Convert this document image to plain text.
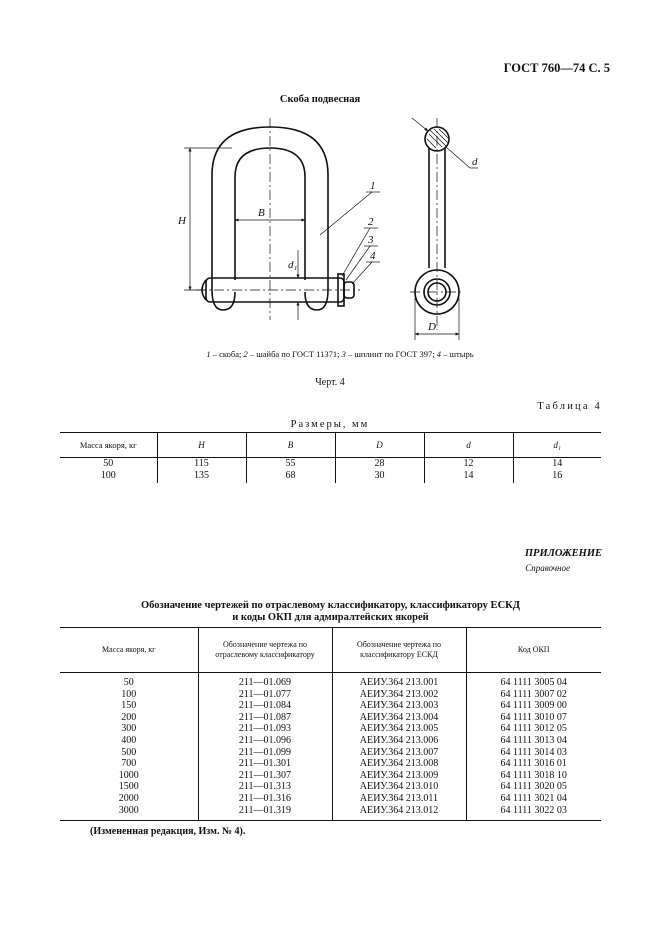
ГОСТ 760—74 С. 5
Скоба подвесная
H
B
d₁
d
D
1
2
3
4
1 – скоба; 2 – шайба по ГОСТ 11371; 3 – шплинт по ГОСТ 397; 4 – штырь
Черт. 4
Таблица 4
Размеры, мм
Масса якоря, кг	H	B	D	d	d₁
50	115	55	28	12	14
100	135	68	30	14	16
ПРИЛОЖЕНИЕ
Справочное
Обозначение чертежей по отраслевому классификатору, классификатору ЕСКД
и коды ОКП для адмиралтейских якорей
Масса якоря, кг	Обозначение чертежа по отраслевому классификатору	Обозначение чертежа по классификатору ЕСКД	Код ОКП
50	211—01.069	АЕИУ.364 213.001	64 1111 3005 04
100	211—01.077	АЕИУ.364 213.002	64 1111 3007 02
150	211—01.084	АЕИУ.364 213.003	64 1111 3009 00
200	211—01.087	АЕИУ.364 213.004	64 1111 3010 07
300	211—01.093	АЕИУ.364 213.005	64 1111 3012 05
400	211—01.096	АЕИУ.364 213.006	64 1111 3013 04
500	211—01.099	АЕИУ.364 213.007	64 1111 3014 03
700	211—01.301	АЕИУ.364 213.008	64 1111 3016 01
1000	211—01.307	АЕИУ.364 213.009	64 1111 3018 10
1500	211—01.313	АЕИУ.364 213.010	64 1111 3020 05
2000	211—01.316	АЕИУ.364 213.011	64 1111 3021 04
3000	211—01.319	АЕИУ.364 213.012	64 1111 3022 03
(Измененная редакция, Изм. № 4).
